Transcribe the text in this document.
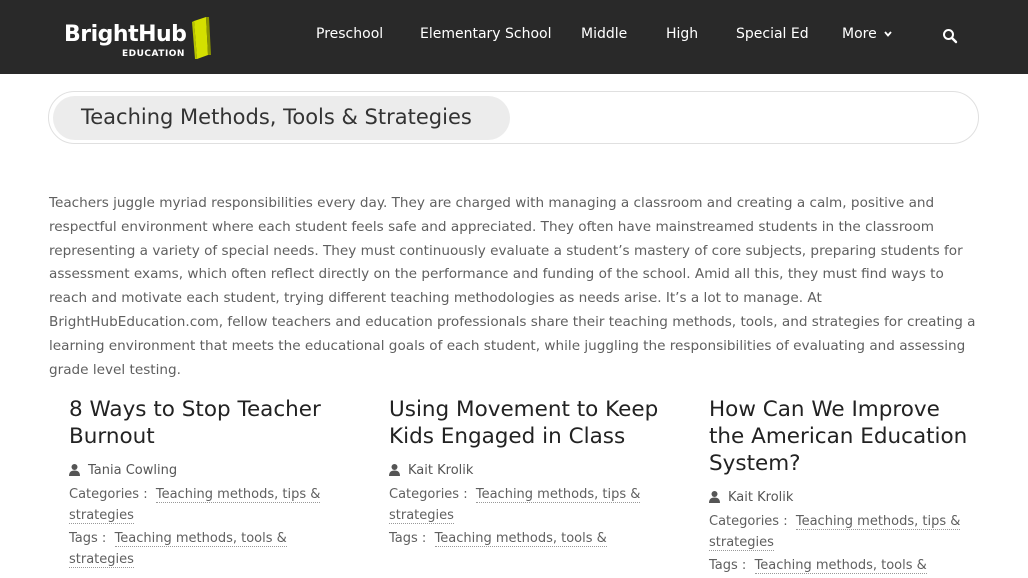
BrightHub
EDUCATION
Preschool	Elementary School Middle	High	Special Ed More
Teaching Methods, Tools & Strategies

Teachers juggle myriad responsibilities every day. They are charged with managing a classroom and creating a calm, positive and respectful environment where each student feels safe and appreciated. They often have mainstreamed students in the classroom representing a variety of special needs. They must continuously evaluate a student’s mastery of core subjects, preparing students for assessment exams, which often reflect directly on the performance and funding of the school. Amid all this, they must find ways to reach and motivate each student, trying different teaching methodologies as needs arise. It’s a lot to manage. At BrightHubEducation.com, fellow teachers and education professionals share their teaching methods, tools, and strategies for creating a learning environment that meets the educational goals of each student, while juggling the responsibilities of evaluating and assessing grade level testing.

8 Ways to Stop Teacher Burnout
Tania Cowling
Categories : Teaching methods, tips & strategies
Tags : Teaching methods, tools & strategies
Using Movement to Keep Kids Engaged in Class
Kait Krolik
Categories : Teaching methods, tips & strategies
Tags : Teaching methods, tools &
How Can We Improve the American Education System?
Kait Krolik
Categories : Teaching methods, tips & strategies
Tags : Teaching methods, tools &
